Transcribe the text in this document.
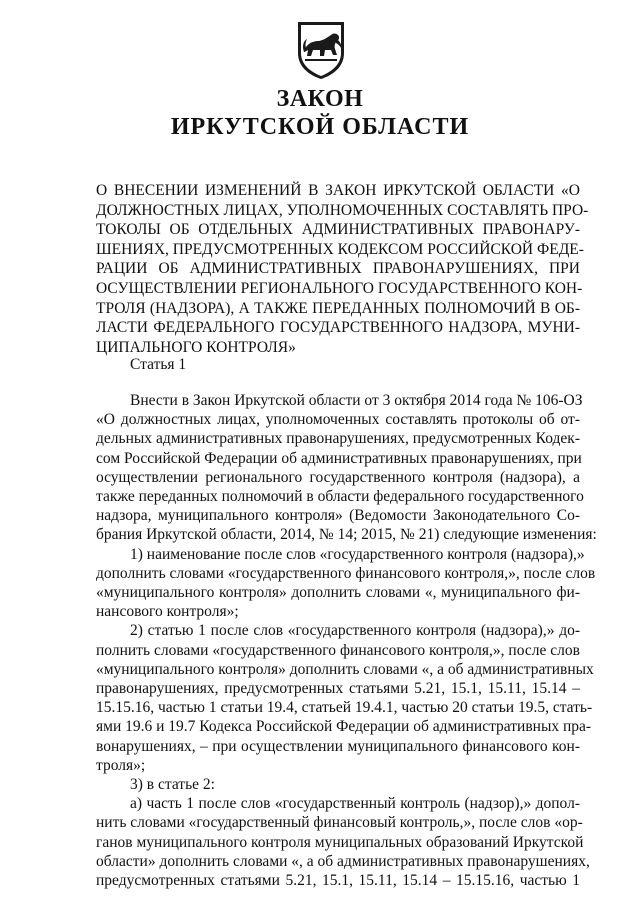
ЗАКОН
ИРКУТСКОЙ ОБЛАСТИ
О ВНЕСЕНИИ ИЗМЕНЕНИЙ В ЗАКОН ИРКУТСКОЙ ОБЛАСТИ «О
ДОЛЖНОСТНЫХ ЛИЦАХ, УПОЛНОМОЧЕННЫХ СОСТАВЛЯТЬ ПРО-
ТОКОЛЫ ОБ ОТДЕЛЬНЫХ АДМИНИСТРАТИВНЫХ ПРАВОНАРУ-
ШЕНИЯХ, ПРЕДУСМОТРЕННЫХ КОДЕКСОМ РОССИЙСКОЙ ФЕДЕ-
РАЦИИ ОБ АДМИНИСТРАТИВНЫХ ПРАВОНАРУШЕНИЯХ, ПРИ
ОСУЩЕСТВЛЕНИИ РЕГИОНАЛЬНОГО ГОСУДАРСТВЕННОГО КОН-
ТРОЛЯ (НАДЗОРА), А ТАКЖЕ ПЕРЕДАННЫХ ПОЛНОМОЧИЙ В ОБ-
ЛАСТИ ФЕДЕРАЛЬНОГО ГОСУДАРСТВЕННОГО НАДЗОРА, МУНИ-
ЦИПАЛЬНОГО КОНТРОЛЯ»

Статья 1

Внести в Закон Иркутской области от 3 октября 2014 года № 106-ОЗ
«О должностных лицах, уполномоченных составлять протоколы об от-
дельных административных правонарушениях, предусмотренных Кодек-
сом Российской Федерации об административных правонарушениях, при
осуществлении регионального государственного контроля (надзора), а
также переданных полномочий в области федерального государственного
надзора, муниципального контроля» (Ведомости Законодательного Со-
брания Иркутской области, 2014, № 14; 2015, № 21) следующие изменения:
1) наименование после слов «государственного контроля (надзора),»
дополнить словами «государственного финансового контроля,», после слов
«муниципального контроля» дополнить словами «, муниципального фи-
нансового контроля»;
2) статью 1 после слов «государственного контроля (надзора),» до-
полнить словами «государственного финансового контроля,», после слов
«муниципального контроля» дополнить словами «, а об административных
правонарушениях, предусмотренных статьями 5.21, 15.1, 15.11, 15.14 –
15.15.16, частью 1 статьи 19.4, статьей 19.4.1, частью 20 статьи 19.5, стать-
ями 19.6 и 19.7 Кодекса Российской Федерации об административных пра-
вонарушениях, – при осуществлении муниципального финансового кон-
троля»;
3) в статье 2:
а) часть 1 после слов «государственный контроль (надзор),» допол-
нить словами «государственный финансовый контроль,», после слов «ор-
ганов муниципального контроля муниципальных образований Иркутской
области» дополнить словами «, а об административных правонарушениях,
предусмотренных статьями 5.21, 15.1, 15.11, 15.14 – 15.15.16, частью 1
